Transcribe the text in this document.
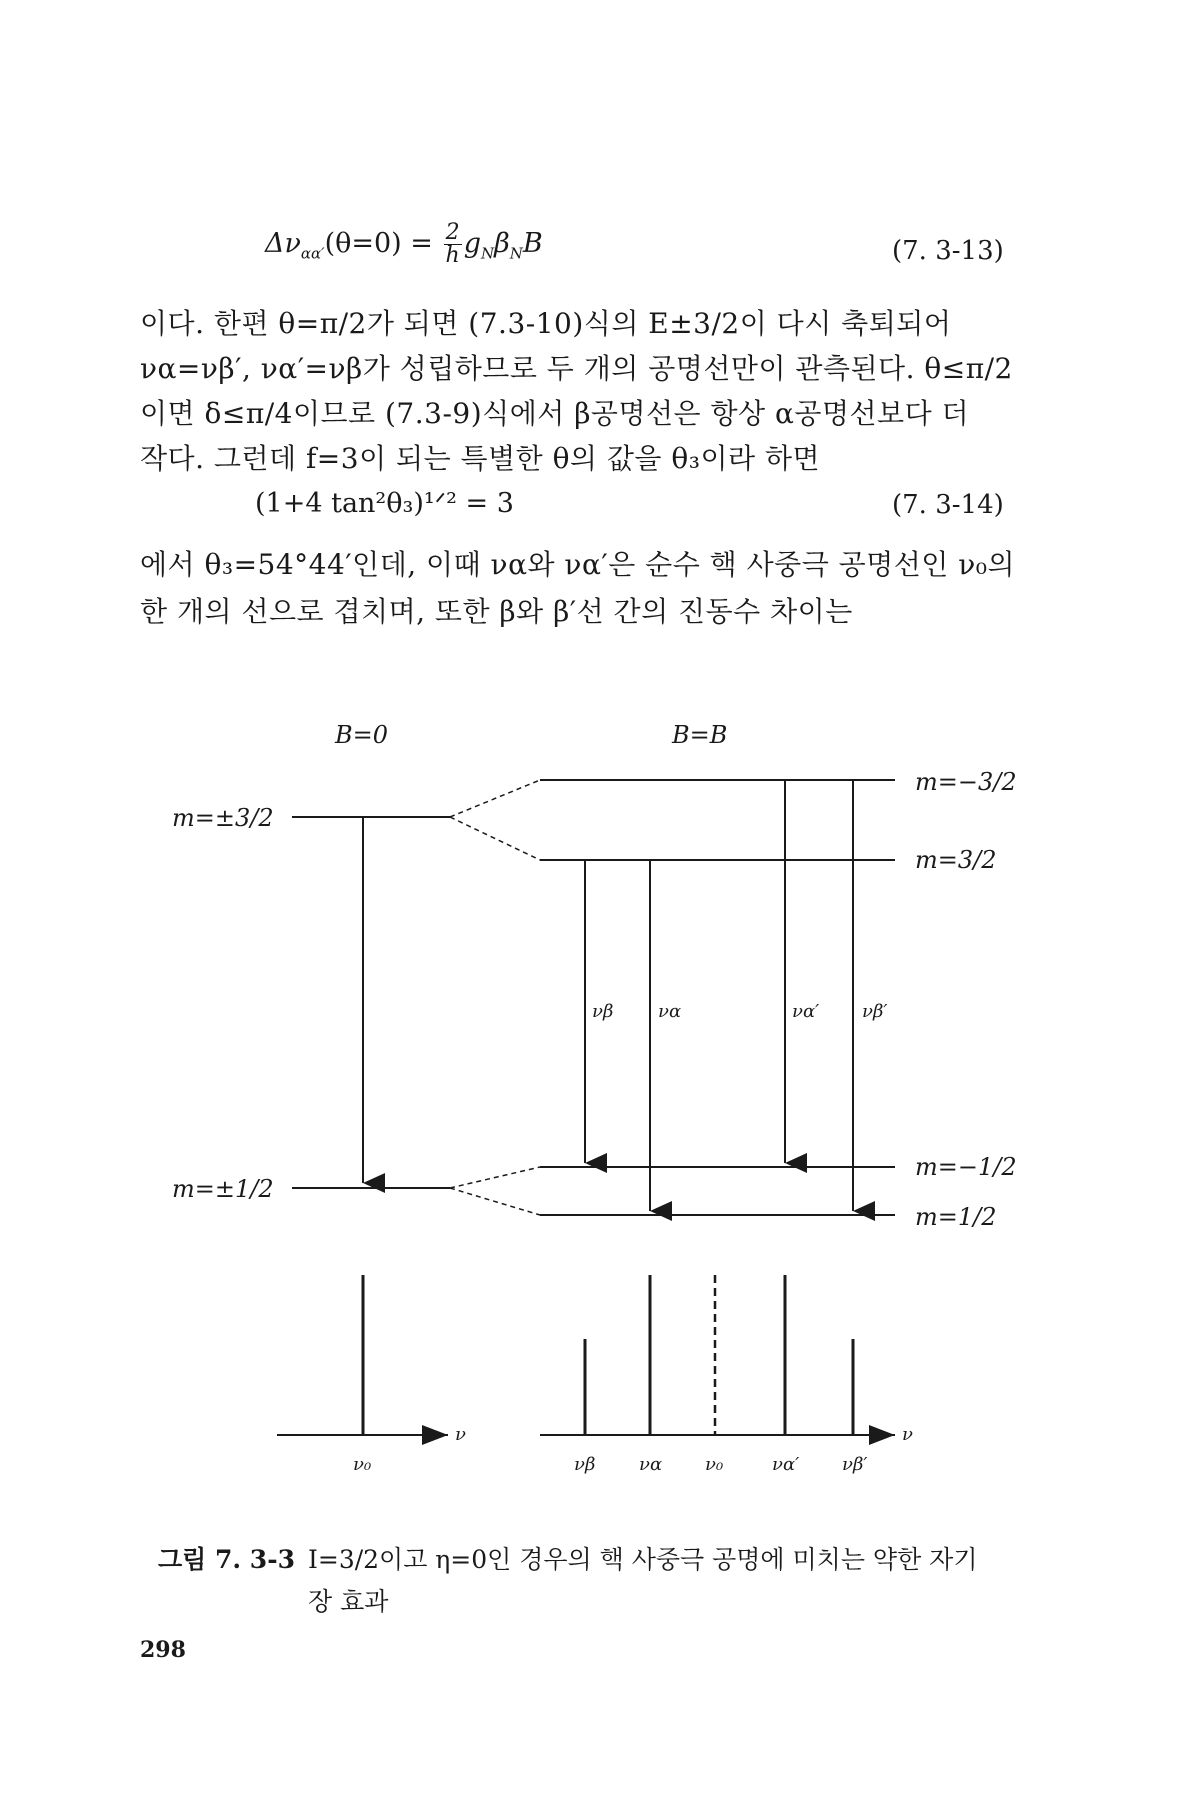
$\Delta\nu_{\alpha\alpha'}(\theta=0) = \frac{2}{h} g_N\beta_NB$	(7. 3-13)
이다. 한편 θ=π/2가 되면 (7.3-10)식의 E±3/2이 다시 축퇴되어
να=νβ′, να′=νβ가 성립하므로 두 개의 공명선만이 관측된다. θ≤π/2
이면 δ≤π/4이므로 (7.3-9)식에서 β공명선은 항상 α공명선보다 더
작다. 그런데 f=3이 되는 특별한 θ의 값을 θ₃이라 하면
(1+4 tan²θ₃)¹ᐟ² = 3	(7. 3-14)
에서 θ₃=54°44′인데, 이때 να와 να′은 순수 핵 사중극 공명선인 ν₀의
한 개의 선으로 겹치며, 또한 β와 β′선 간의 진동수 차이는
B=0	B=B
m=±3/2
m=±1/2
m=−3/2
m=3/2
m=−1/2
m=1/2
νβ να	να′ νβ′
ν
ν₀
ν
νβ να ν₀	να′ νβ′
그림 7. 3-3 I=3/2이고 η=0인 경우의 핵 사중극 공명에 미치는 약한 자기
장 효과
298
